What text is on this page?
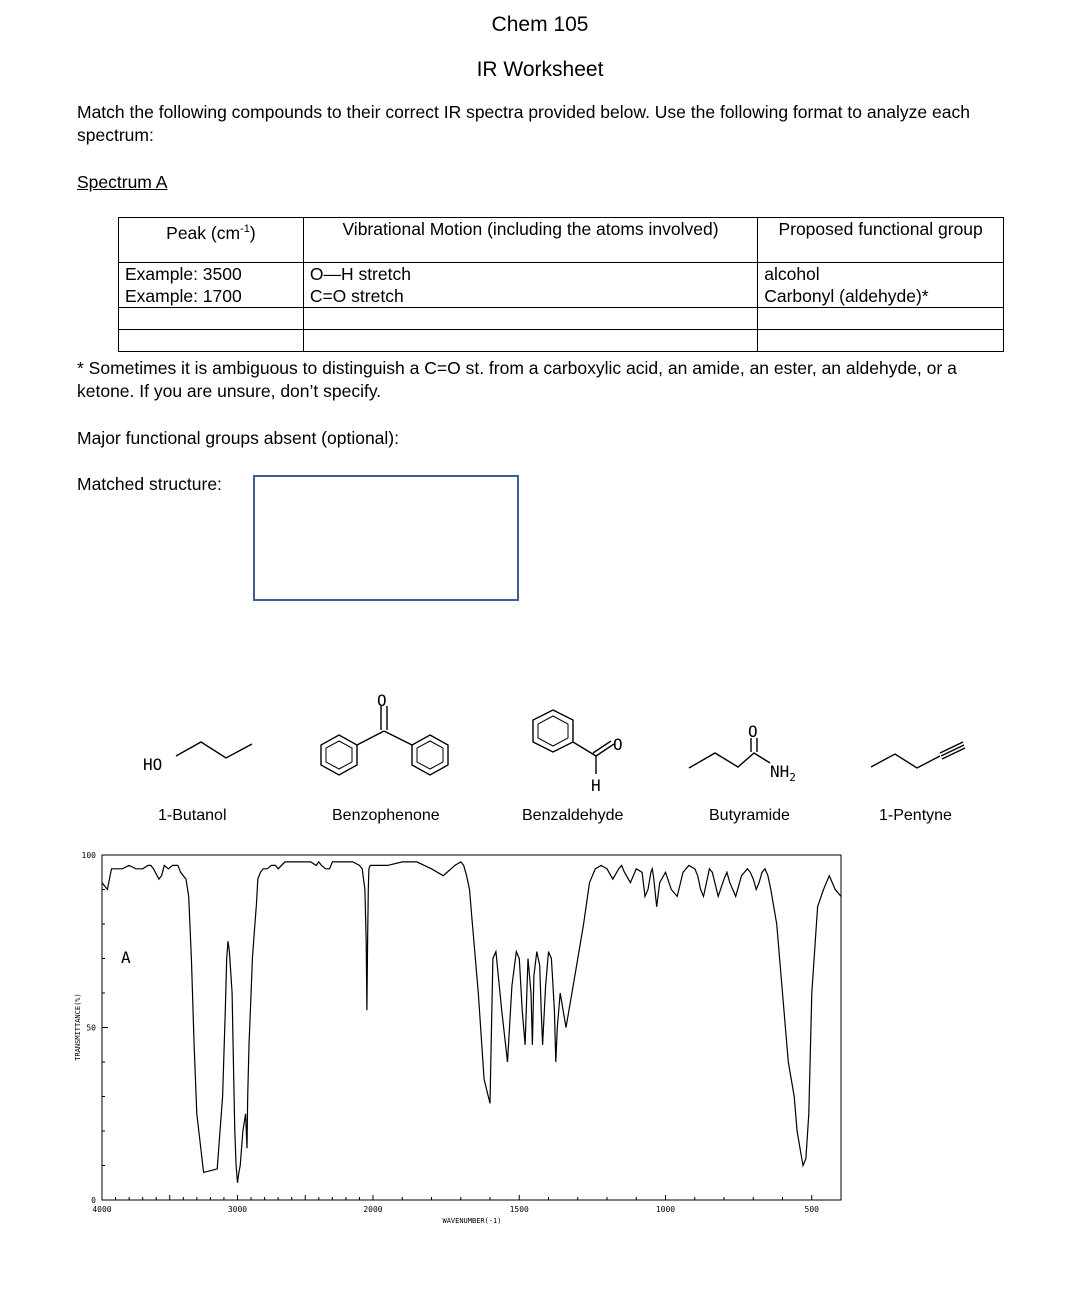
Chem 105
IR Worksheet
Match the following compounds to their correct IR spectra provided below. Use the following format to analyze each spectrum:
Spectrum A
Peak $(cm^{-1})$	Vibrational Motion (including the atoms involved)	Proposed functional group
Example: 3500	O—H stretch	alcohol
Example: 1700	C=O stretch	Carbonyl (aldehyde)*

* Sometimes it is ambiguous to distinguish a C=O st. from a carboxylic acid, an amide, an ester, an aldehyde, or a ketone. If you are unsure, don’t specify.
Major functional groups absent (optional):
Matched structure:
HO
O
O
H
O
$NH_2$
1-Butanol	Benzophenone	Benzaldehyde	Butyramide	1-Pentyne
4000	3000	2000	1500	1000	500
0
50
100
A
WAVENUMBER(-1)
TRANSMITTANCE(%)
